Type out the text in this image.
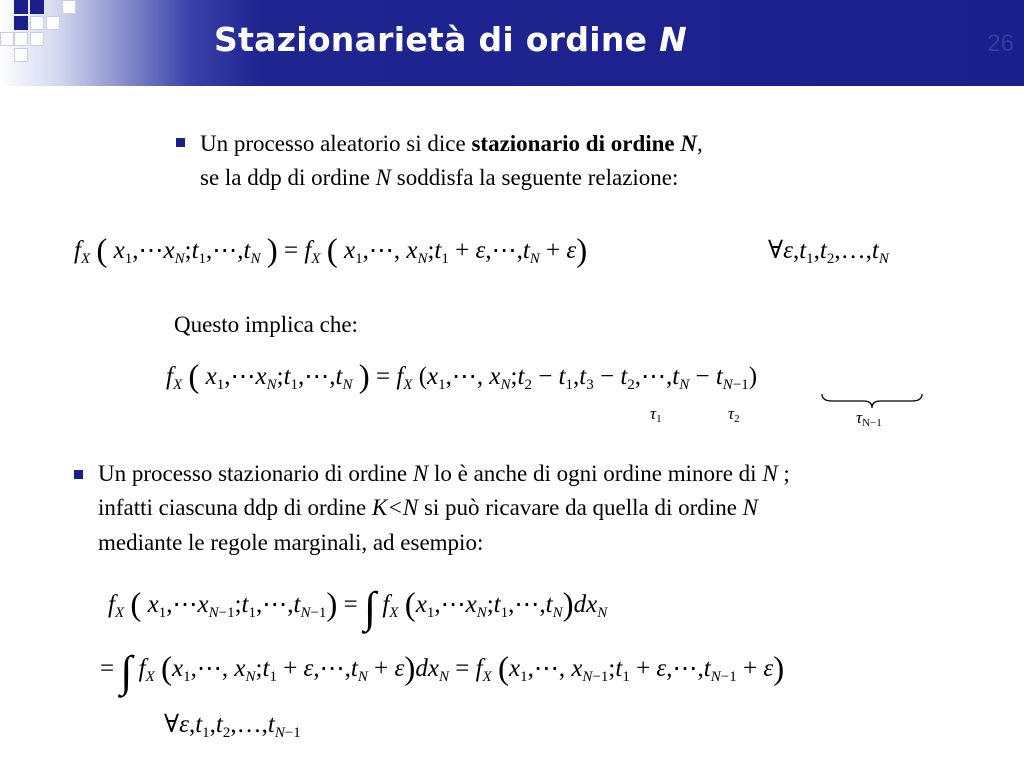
Stazionarietà di ordine N	26
Un processo aleatorio si dice stazionario di ordine N,
se la ddp di ordine N soddisfa la seguente relazione:
$f_X$ ( $x_1,\cdots x_N;t_1,\cdots,t_N$ ) = $f_X$ ( $x_1,\cdots$, $x_N;t_1$ + $\varepsilon,\cdots,t_N + \varepsilon$)	$\forall\varepsilon,t_1,t_2,\dots,t_N$
Questo implica che:
$f_X$ ( $x_1,\cdots x_N;t_1,\cdots,t_N$ ) = $f_X$ ($x_1,\cdots$, $x_N;t_2 - t_1,t_3$ − $t_2,\cdots,t_N - t_{N-1}$)
$\tau_1$	$\tau_2$	$\tau_{N-1}$
Un processo stazionario di ordine N lo è anche di ogni ordine minore di N ;
infatti ciascuna ddp di ordine K<N si può ricavare da quella di ordine N
mediante le regole marginali, ad esempio:
$f_X$ ( $x_1,\cdots x_{N-1};t_1,\cdots,t_{N-1}$) = ∫ $f_X$ $(x_1,\cdots x_N;t_1,\cdots,t_N)dx_N$
= ∫ $f_X$ ($x_1,\cdots$, $x_N;t_1$ + $\varepsilon,\cdots,t_N + \varepsilon)dx_N = f_X$ ($x_1,\cdots$, $x_{N-1};t_1$ + $\varepsilon,\cdots,t_{N-1} + \varepsilon$)
$\forall\varepsilon,t_1,t_2,\dots,t_{N-1}$
